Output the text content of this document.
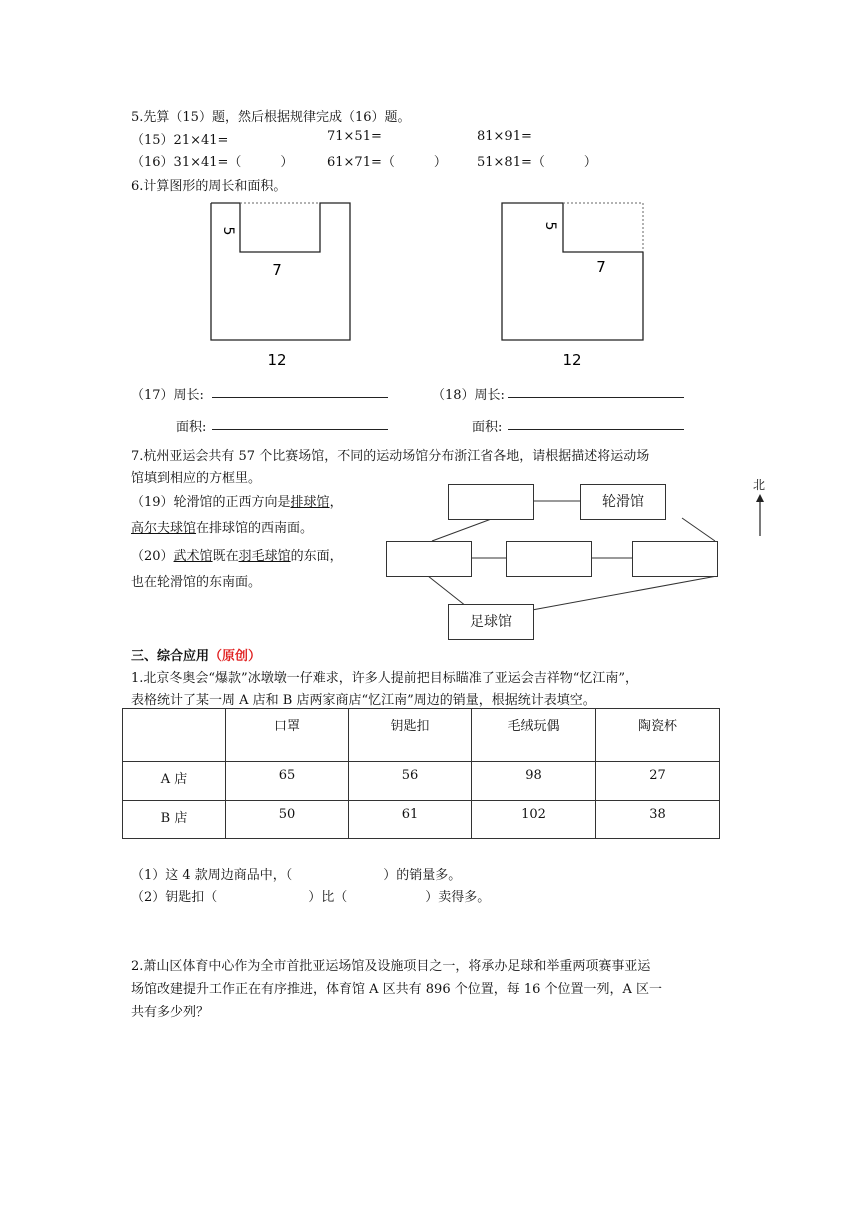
5.先算（15）题，然后根据规律完成（16）题。
（15）21×41=	71×51=	81×91=
（16）31×41=（　　　）	61×71=（　　　） 51×81=（　　　）
6.计算图形的周长和面积。
5
7
12
5
7
12
（17）周长:
面积:
（18）周长:
面积:
7.杭州亚运会共有 57 个比赛场馆，不同的运动场馆分布浙江省各地，请根据描述将运动场
馆填到相应的方框里。
（19）轮滑馆的正西方向是排球馆，
高尔夫球馆在排球馆的西南面。
（20）武术馆既在羽毛球馆的东面，
也在轮滑馆的东南面。
轮滑馆
足球馆
北
三、综合应用（原创）
1.北京冬奥会“爆款”冰墩墩一仔难求，许多人提前把目标瞄准了亚运会吉祥物“忆江南”，
表格统计了某一周 A 店和 B 店两家商店“忆江南”周边的销量，根据统计表填空。
	口罩	钥匙扣	毛绒玩偶	陶瓷杯
A 店	65	56	98	27
B 店	50	61	102	38
（1）这 4 款周边商品中，（　　　　　　　）的销量多。
（2）钥匙扣（　　　　　　　）比（　　　　　　）卖得多。
2.萧山区体育中心作为全市首批亚运场馆及设施项目之一，将承办足球和举重两项赛事亚运
场馆改建提升工作正在有序推进，体育馆 A 区共有 896 个位置，每 16 个位置一列，A 区一
共有多少列？
